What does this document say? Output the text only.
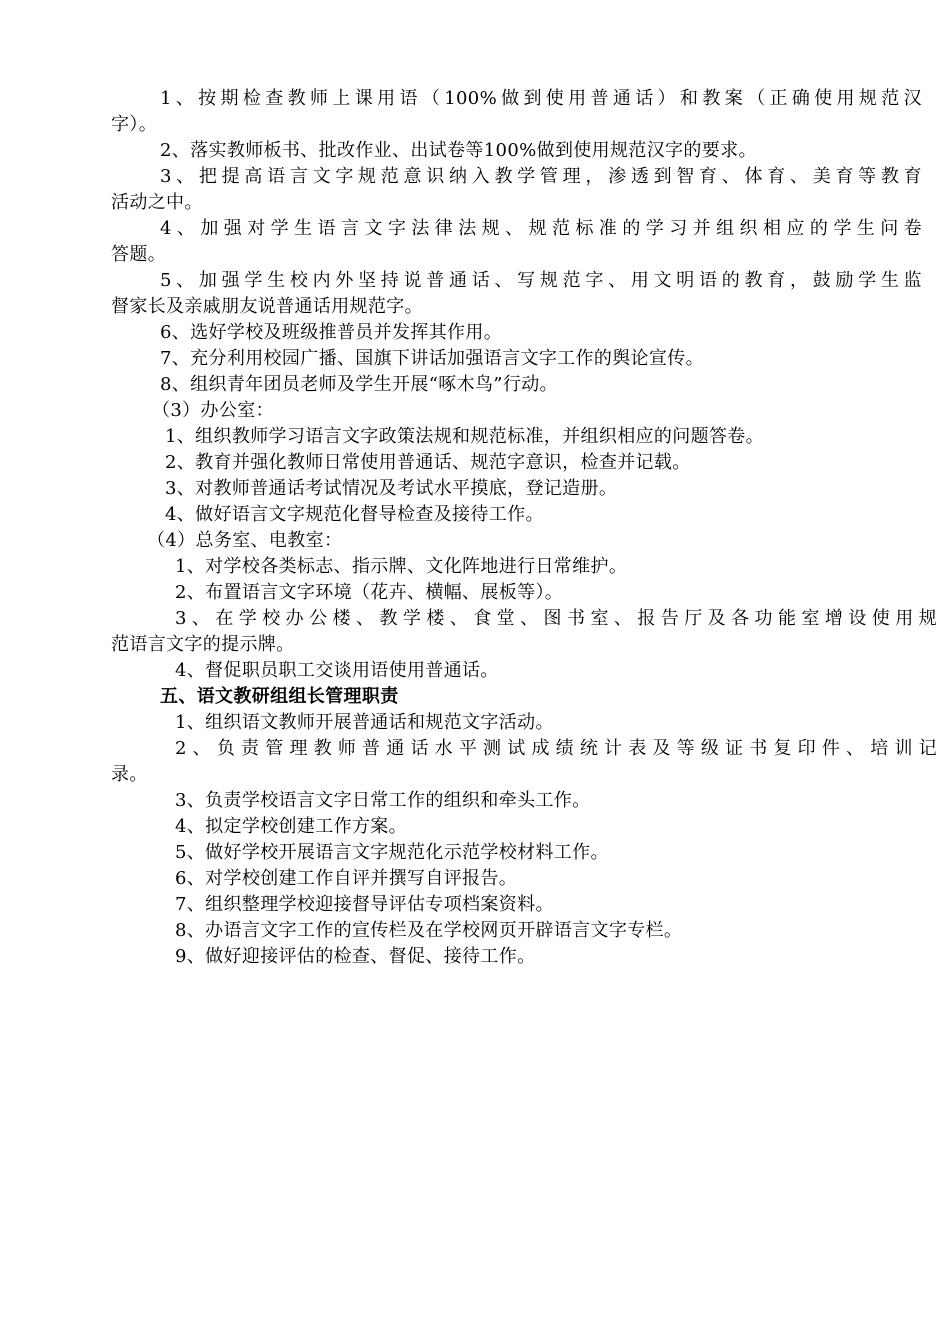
1、按期检查教师上课用语（100%做到使用普通话）和教案（正确使用规范汉
字）。
2、落实教师板书、批改作业、出试卷等100%做到使用规范汉字的要求。
3、把提高语言文字规范意识纳入教学管理，渗透到智育、体育、美育等教育
活动之中。
4、加强对学生语言文字法律法规、规范标准的学习并组织相应的学生问卷
答题。
5、加强学生校内外坚持说普通话、写规范字、用文明语的教育，鼓励学生监
督家长及亲戚朋友说普通话用规范字。
6、选好学校及班级推普员并发挥其作用。
7、充分利用校园广播、国旗下讲话加强语言文字工作的舆论宣传。
8、组织青年团员老师及学生开展“啄木鸟”行动。
（3）办公室：
1、组织教师学习语言文字政策法规和规范标准，并组织相应的问题答卷。
2、教育并强化教师日常使用普通话、规范字意识，检查并记载。
3、对教师普通话考试情况及考试水平摸底，登记造册。
4、做好语言文字规范化督导检查及接待工作。
（4）总务室、电教室：
1、对学校各类标志、指示牌、文化阵地进行日常维护。
2、布置语言文字环境（花卉、横幅、展板等）。
3、在学校办公楼、教学楼、食堂、图书室、报告厅及各功能室增设使用规
范语言文字的提示牌。
4、督促职员职工交谈用语使用普通话。
五、语文教研组组长管理职责
1、组织语文教师开展普通话和规范文字活动。
2、负责管理教师普通话水平测试成绩统计表及等级证书复印件、培训记
录。
3、负责学校语言文字日常工作的组织和牵头工作。
4、拟定学校创建工作方案。
5、做好学校开展语言文字规范化示范学校材料工作。
6、对学校创建工作自评并撰写自评报告。
7、组织整理学校迎接督导评估专项档案资料。
8、办语言文字工作的宣传栏及在学校网页开辟语言文字专栏。
9、做好迎接评估的检查、督促、接待工作。
